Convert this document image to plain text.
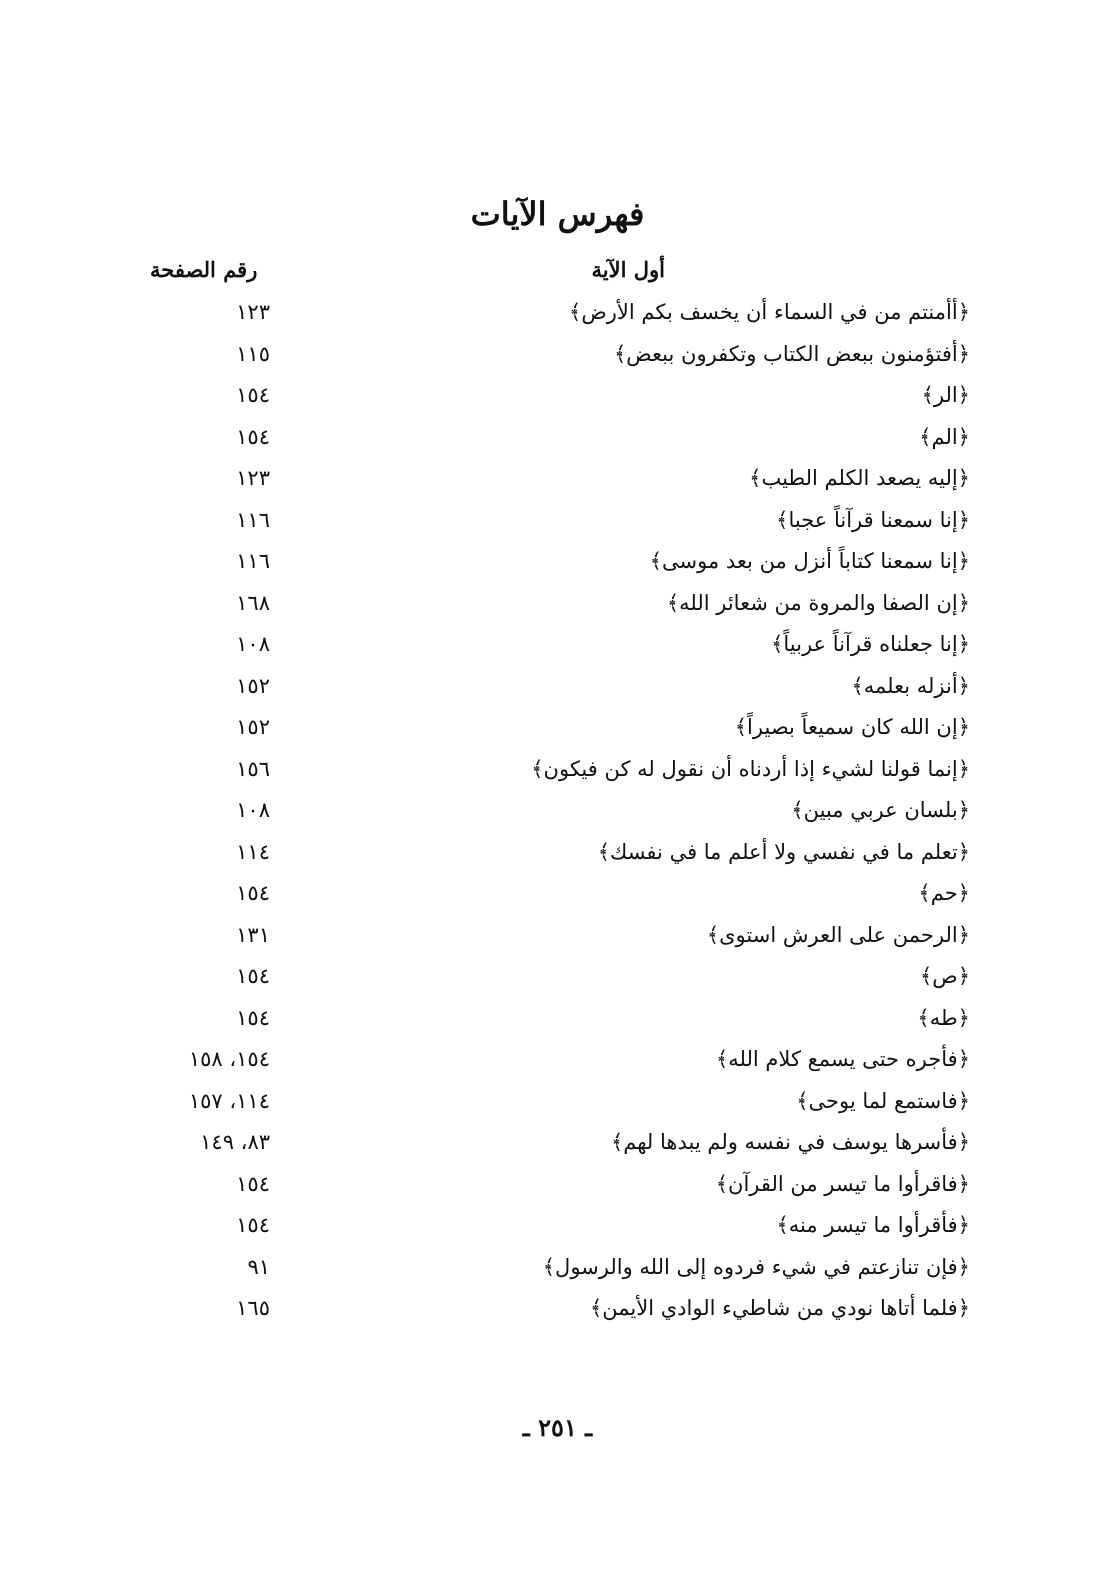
فهرس الآيات
أول الآية
رقم الصفحة
﴿أأمنتم من في السماء أن يخسف بكم الأرض﴾
١٢٣
﴿أفتؤمنون ببعض الكتاب وتكفرون ببعض﴾
١١٥
﴿الر﴾
١٥٤
﴿الم﴾
١٥٤
﴿إليه يصعد الكلم الطيب﴾
١٢٣
﴿إنا سمعنا قرآناً عجبا﴾
١١٦
﴿إنا سمعنا كتاباً أنزل من بعد موسى﴾
١١٦
﴿إن الصفا والمروة من شعائر الله﴾
١٦٨
﴿إنا جعلناه قرآناً عربياً﴾
١٠٨
﴿أنزله بعلمه﴾
١٥٢
﴿إن الله كان سميعاً بصيراً﴾
١٥٢
﴿إنما قولنا لشيء إذا أردناه أن نقول له كن فيكون﴾
١٥٦
﴿بلسان عربي مبين﴾
١٠٨
﴿تعلم ما في نفسي ولا أعلم ما في نفسك﴾
١١٤
﴿حم﴾
١٥٤
﴿الرحمن على العرش استوى﴾
١٣١
﴿ص﴾
١٥٤
﴿طه﴾
١٥٤
﴿فأجره حتى يسمع كلام الله﴾
١٥٤، ١٥٨
﴿فاستمع لما يوحى﴾
١١٤، ١٥٧
﴿فأسرها يوسف في نفسه ولم يبدها لهم﴾
٨٣، ١٤٩
﴿فاقرأوا ما تيسر من القرآن﴾
١٥٤
﴿فأقرأوا ما تيسر منه﴾
١٥٤
﴿فإن تنازعتم في شيء فردوه إلى الله والرسول﴾
٩١
﴿فلما أتاها نودي من شاطيء الوادي الأيمن﴾
١٦٥
ـ ٢٥١ ـ
